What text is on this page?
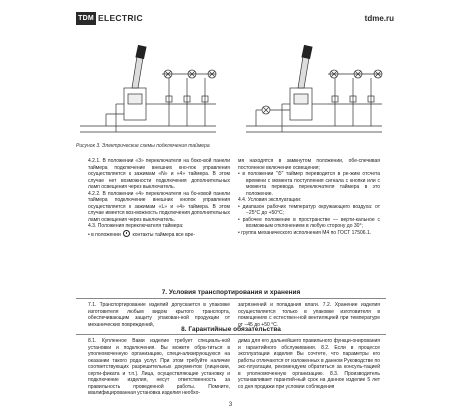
TDM ELECTRIC	tdme.ru
Рисунок 3. Электрические схемы подключения таймера

4.2.1. В положении «3» переключателя на боко-вой панели таймера подключение внешних кно-пок управления осуществляется к зажимам «N» и «4» таймера. В этом случае нет возможности подключения дополнительных ламп освещения через выключатель.

4.2.2. В положении «4» переключателя на бо-ковой панели таймера подключение внешних кнопок управления осуществляется к зажимам «L» и «4» таймера. В этом случае имеется воз-можность подключения дополнительных ламп освещения через выключатель.

4.3. Положения переключателя таймера:

• в положении контакты таймера все вре-

мя находятся в замкнутом положении, обе-спечивая постоянное включение освещения;

• в положении "⏱" таймер переводится в ре-жим отсчета времени с момента поступления сигнала с кнопки или с момента перевода переключателя таймера в это положение.

4.4. Условия эксплуатации:

• диапазон рабочих температур окружающего воздуха: от −25°С до +50°С;

• рабочее положение в пространстве — верти-кальное с возможным отклонением в любую сторону до 30°;

• группа механического исполнения М4 по ГОСТ 17506.1.

7. Условия транспортирования и хранения
7.1. Транспортирование изделий допускается в упаковке изготовителя любым видом крытого транспорта, обеспечивающим защиту упакован-ной продукции от механических повреждений,
загрязнений и попадания влаги. 7.2. Хранение изделия осуществляется только в упаковке изготовителя в помещениях с естествен-ной вентиляцией при температуре от −45 до +50 °С.
8. Гарантийные обязательства
8.1. Купленное Вами изделие требует специаль-ной установки и подключения. Вы можете обра-титься в уполномоченную организацию, специ-ализирующуюся на оказании такого рода услуг. При этом требуйте наличие соответствующих разрешительных документов (лицензии, серти-фиката и т.п.). Лица, осуществляющие установку и подключение изделия, несут ответственность за правильность проведенной работы. Помните, квалифицированная установка изделия необхо-
дима для его дальнейшего правильного функци-онирования и гарантийного обслуживания. 8.2. Если в процессе эксплуатации изделия Вы сочтете, что параметры его работы отличаются от изложенных в данном Руководстве по экс-плуатации, рекомендуем обратиться за консуль-тацией в уполномоченную организацию. 8.3. Производитель устанавливает гарантий-ный срок на данное изделие 5 лет со дня продажи при условии соблюдения
3
